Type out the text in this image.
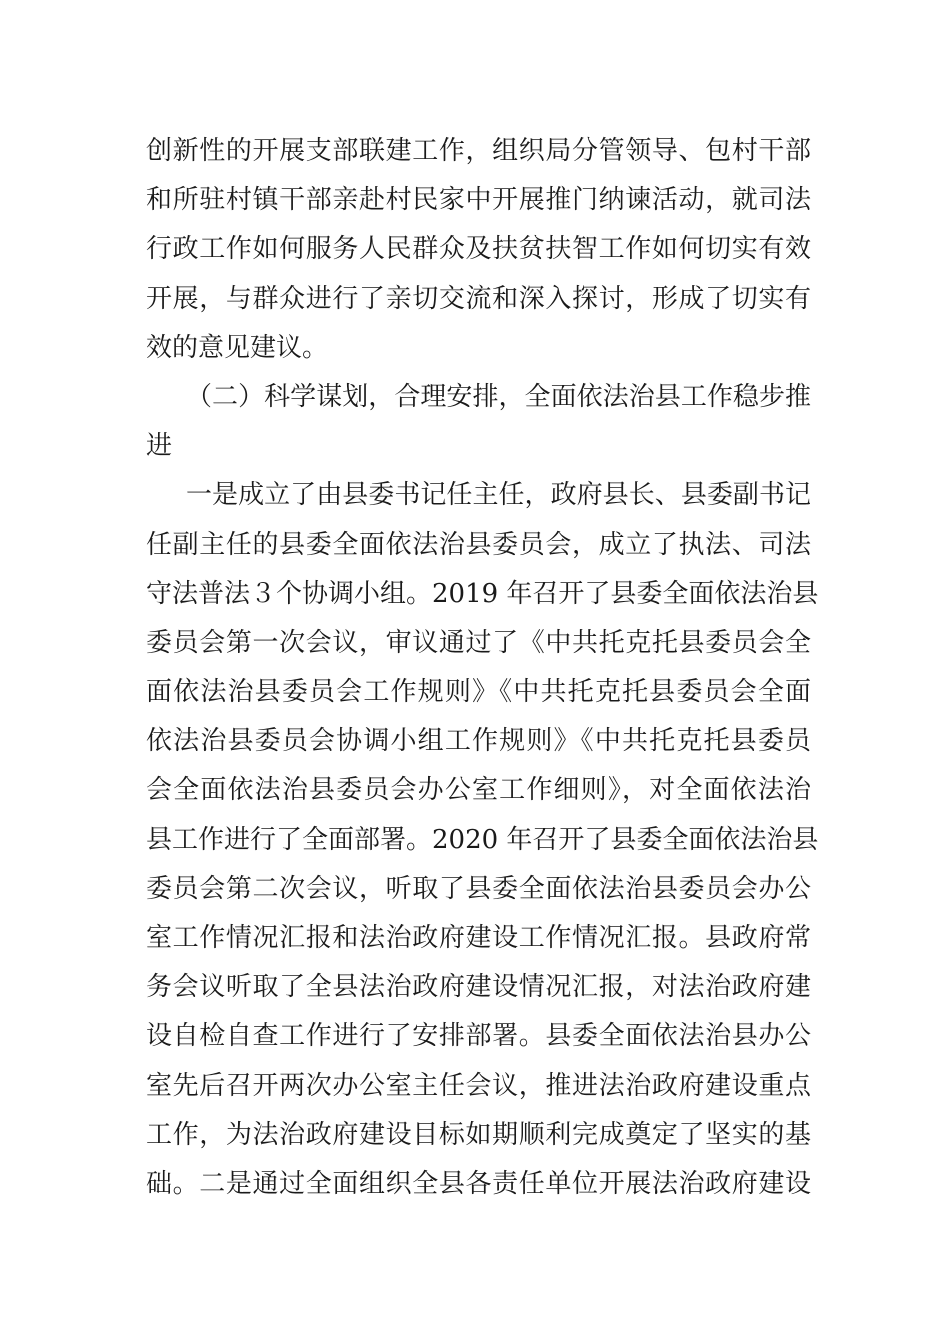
创新性的开展支部联建工作，组织局分管领导、包村干部
和所驻村镇干部亲赴村民家中开展推门纳谏活动，就司法
行政工作如何服务人民群众及扶贫扶智工作如何切实有效
开展，与群众进行了亲切交流和深入探讨，形成了切实有
效的意见建议。
（二）科学谋划，合理安排，全面依法治县工作稳步推
进
一是成立了由县委书记任主任，政府县长、县委副书记
任副主任的县委全面依法治县委员会，成立了执法、司法
守法普法３个协调小组。2019 年召开了县委全面依法治县
委员会第一次会议，审议通过了《中共托克托县委员会全
面依法治县委员会工作规则》《中共托克托县委员会全面
依法治县委员会协调小组工作规则》《中共托克托县委员
会全面依法治县委员会办公室工作细则》，对全面依法治
县工作进行了全面部署。2020 年召开了县委全面依法治县
委员会第二次会议，听取了县委全面依法治县委员会办公
室工作情况汇报和法治政府建设工作情况汇报。县政府常
务会议听取了全县法治政府建设情况汇报，对法治政府建
设自检自查工作进行了安排部署。县委全面依法治县办公
室先后召开两次办公室主任会议，推进法治政府建设重点
工作，为法治政府建设目标如期顺利完成奠定了坚实的基
础。二是通过全面组织全县各责任单位开展法治政府建设
